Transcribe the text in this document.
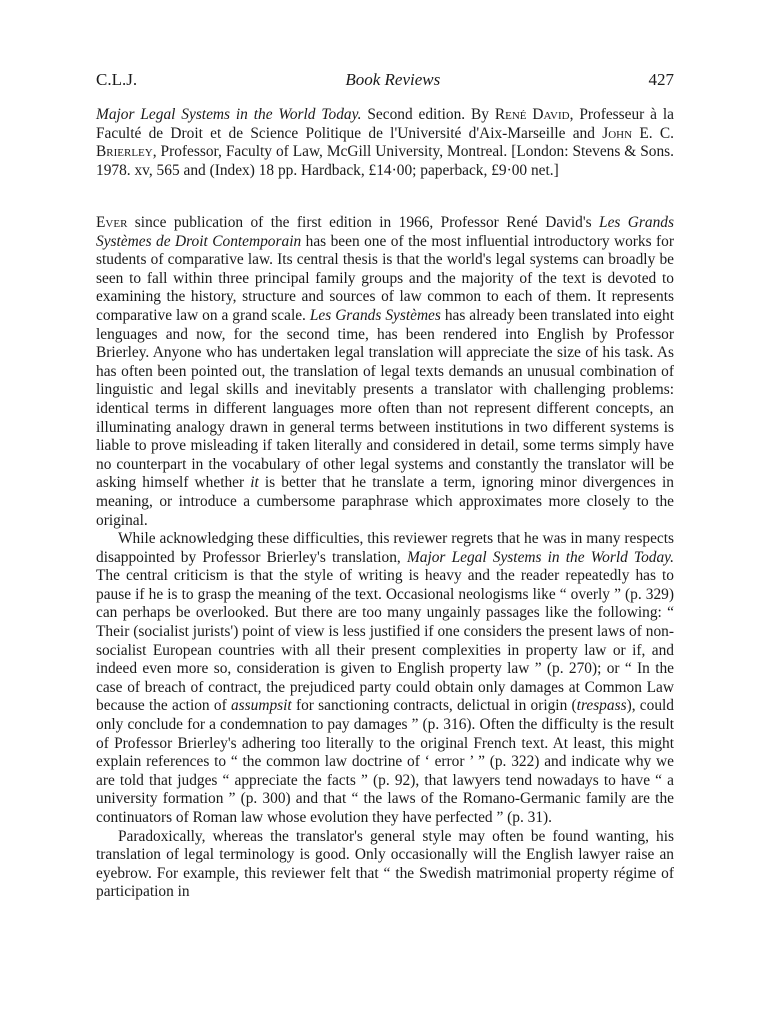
C.L.J.	Book Reviews	427
Major Legal Systems in the World Today. Second edition. By René David, Professeur à la Faculté de Droit et de Science Politique de l'Université d'Aix-Marseille and John E. C. Brierley, Professor, Faculty of Law, McGill University, Montreal. [London: Stevens & Sons. 1978. xv, 565 and (Index) 18 pp. Hardback, £14·00; paperback, £9·00 net.]

Ever since publication of the first edition in 1966, Professor René David's Les Grands Systèmes de Droit Contemporain has been one of the most influential introductory works for students of comparative law. Its central thesis is that the world's legal systems can broadly be seen to fall within three principal family groups and the majority of the text is devoted to examining the history, structure and sources of law common to each of them. It represents comparative law on a grand scale. Les Grands Systèmes has already been translated into eight lenguages and now, for the second time, has been rendered into English by Professor Brierley. Anyone who has undertaken legal translation will appreciate the size of his task. As has often been pointed out, the translation of legal texts demands an unusual combination of linguistic and legal skills and inevitably presents a translator with challenging problems: identical terms in different languages more often than not represent different concepts, an illuminating analogy drawn in general terms between institutions in two different systems is liable to prove misleading if taken literally and considered in detail, some terms simply have no counterpart in the vocabulary of other legal systems and constantly the translator will be asking himself whether it is better that he translate a term, ignoring minor divergences in meaning, or introduce a cumbersome paraphrase which approximates more closely to the original.

While acknowledging these difficulties, this reviewer regrets that he was in many respects disappointed by Professor Brierley's translation, Major Legal Systems in the World Today. The central criticism is that the style of writing is heavy and the reader repeatedly has to pause if he is to grasp the meaning of the text. Occasional neologisms like “ overly ” (p. 329) can perhaps be overlooked. But there are too many ungainly passages like the following: “ Their (socialist jurists') point of view is less justified if one considers the present laws of non-socialist European countries with all their present complexities in property law or if, and indeed even more so, consideration is given to English property law ” (p. 270); or “ In the case of breach of contract, the prejudiced party could obtain only damages at Common Law because the action of assumpsit for sanctioning contracts, delictual in origin (trespass), could only conclude for a condemnation to pay damages ” (p. 316). Often the difficulty is the result of Professor Brierley's adhering too literally to the original French text. At least, this might explain references to “ the common law doctrine of ‘ error ’ ” (p. 322) and indicate why we are told that judges “ appreciate the facts ” (p. 92), that lawyers tend nowadays to have “ a university formation ” (p. 300) and that “ the laws of the Romano-Germanic family are the continuators of Roman law whose evolution they have perfected ” (p. 31).

Paradoxically, whereas the translator's general style may often be found wanting, his translation of legal terminology is good. Only occasionally will the English lawyer raise an eyebrow. For example, this reviewer felt that “ the Swedish matrimonial property régime of participation in
